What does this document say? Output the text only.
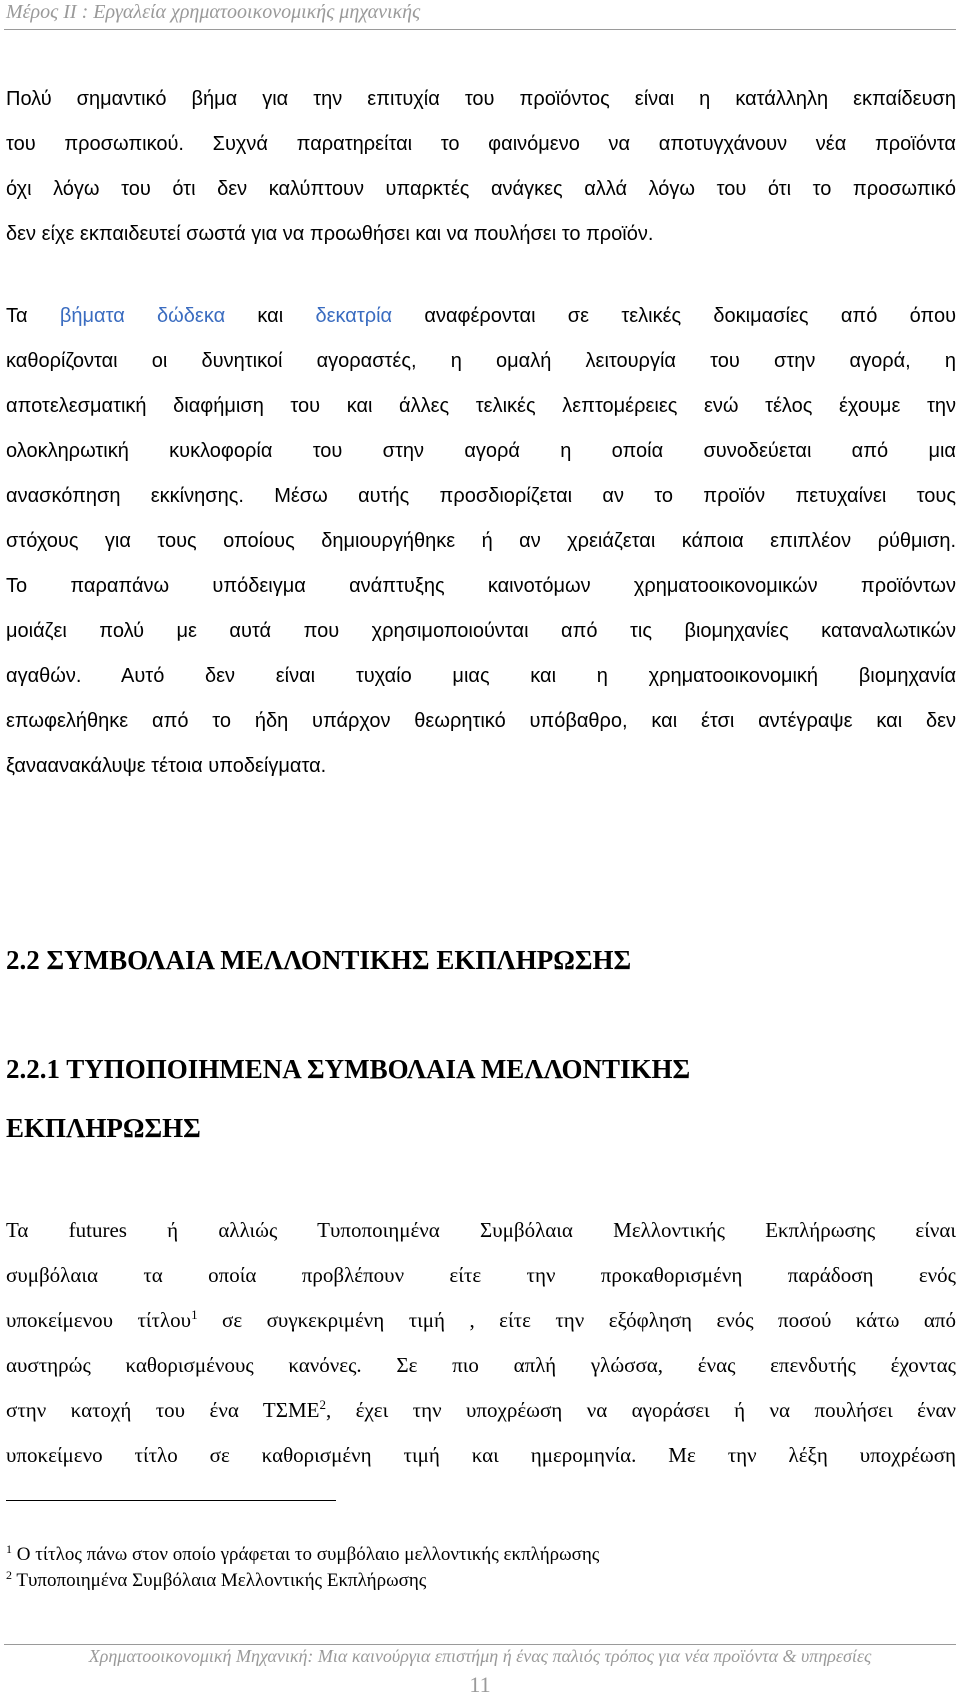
Μέρος ΙΙ : Εργαλεία χρηματοοικονομικής μηχανικής
Πολύ σημαντικό βήμα για την επιτυχία του προϊόντος είναι η κατάλληλη εκπαίδευση
του προσωπικού. Συχνά παρατηρείται το φαινόμενο να αποτυγχάνουν νέα προϊόντα
όχι λόγω του ότι δεν καλύπτουν υπαρκτές ανάγκες αλλά λόγω του ότι το προσωπικό
δεν είχε εκπαιδευτεί σωστά για να προωθήσει και να πουλήσει το προϊόν.
Τα βήματα δώδεκα και δεκατρία αναφέρονται σε τελικές δοκιμασίες από όπου
καθορίζονται οι δυνητικοί αγοραστές, η ομαλή λειτουργία του στην αγορά, η
αποτελεσματική διαφήμιση του και άλλες τελικές λεπτομέρειες ενώ τέλος έχουμε την
ολοκληρωτική κυκλοφορία του στην αγορά η οποία συνοδεύεται από μια
ανασκόπηση εκκίνησης. Μέσω αυτής προσδιορίζεται αν το προϊόν πετυχαίνει τους
στόχους για τους οποίους δημιουργήθηκε ή αν χρειάζεται κάποια επιπλέον ρύθμιση.
Το παραπάνω υπόδειγμα ανάπτυξης καινοτόμων χρηματοοικονομικών προϊόντων
μοιάζει πολύ με αυτά που χρησιμοποιούνται από τις βιομηχανίες καταναλωτικών
αγαθών. Αυτό δεν είναι τυχαίο μιας και η χρηματοοικονομική βιομηχανία
επωφελήθηκε από το ήδη υπάρχον θεωρητικό υπόβαθρο, και έτσι αντέγραψε και δεν
ξαναανακάλυψε τέτοια υποδείγματα.
2.2 ΣΥΜΒΟΛΑΙΑ ΜΕΛΛΟΝΤΙΚΗΣ ΕΚΠΛΗΡΩΣΗΣ
2.2.1 ΤΥΠΟΠΟΙΗΜΕΝΑ ΣΥΜΒΟΛΑΙΑ ΜΕΛΛΟΝΤΙΚΗΣ
ΕΚΠΛΗΡΩΣΗΣ
Τα futures ή αλλιώς Τυποποιημένα Συμβόλαια Μελλοντικής Εκπλήρωσης είναι
συμβόλαια τα οποία προβλέπουν είτε την προκαθορισμένη παράδοση ενός
υποκείμενου τίτλου$^1$ σε συγκεκριμένη τιμή , είτε την εξόφληση ενός ποσού κάτω από
αυστηρώς καθορισμένους κανόνες. Σε πιο απλή γλώσσα, ένας επενδυτής έχοντας
στην κατοχή του ένα ΤΣΜΕ$^2$, έχει την υποχρέωση να αγοράσει ή να πουλήσει έναν
υποκείμενο τίτλο σε καθορισμένη τιμή και ημερομηνία. Με την λέξη υποχρέωση
$^1$ Ο τίτλος πάνω στον οποίο γράφεται το συμβόλαιο μελλοντικής εκπλήρωσης
$^2$ Τυποποιημένα Συμβόλαια Μελλοντικής Εκπλήρωσης
Χρηματοοικονομική Μηχανική: Μια καινούργια επιστήμη ή ένας παλιός τρόπος για νέα προϊόντα & υπηρεσίες
11
